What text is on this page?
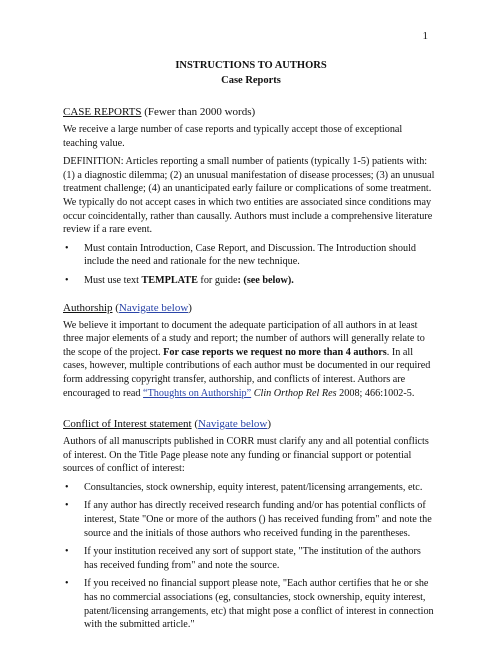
1
INSTRUCTIONS TO AUTHORS
Case Reports
CASE REPORTS (Fewer than 2000 words)

We receive a large number of case reports and typically accept those of exceptional teaching value.

DEFINITION: Articles reporting a small number of patients (typically 1-5) patients with: (1) a diagnostic dilemma; (2) an unusual manifestation of disease processes; (3) an unusual treatment challenge; (4) an unanticipated early failure or complications of some treatment. We typically do not accept cases in which two entities are associated since conditions may occur coincidentally, rather than causally. Authors must include a comprehensive literature review if a rare event.

• Must contain Introduction, Case Report, and Discussion. The Introduction should include the need and rationale for the new technique.
• Must use text TEMPLATE for guide: (see below).
Authorship (Navigate below)

We believe it important to document the adequate participation of all authors in at least three major elements of a study and report; the number of authors will generally relate to the scope of the project. For case reports we request no more than 4 authors. In all cases, however, multiple contributions of each author must be documented in our required form addressing copyright transfer, authorship, and conflicts of interest. Authors are encouraged to read “Thoughts on Authorship” Clin Orthop Rel Res 2008; 466:1002-5.

Conflict of Interest statement (Navigate below)

Authors of all manuscripts published in CORR must clarify any and all potential conflicts of interest. On the Title Page please note any funding or financial support or potential sources of conflict of interest:

• Consultancies, stock ownership, equity interest, patent/licensing arrangements, etc.
• If any author has directly received research funding and/or has potential conflicts of interest, State "One or more of the authors () has received funding from" and note the source and the initials of those authors who received funding in the parentheses.
• If your institution received any sort of support state, "The institution of the authors has received funding from" and note the source.
• If you received no financial support please note, "Each author certifies that he or she has no commercial associations (eg, consultancies, stock ownership, equity interest, patent/licensing arrangements, etc) that might pose a conflict of interest in connection with the submitted article."
